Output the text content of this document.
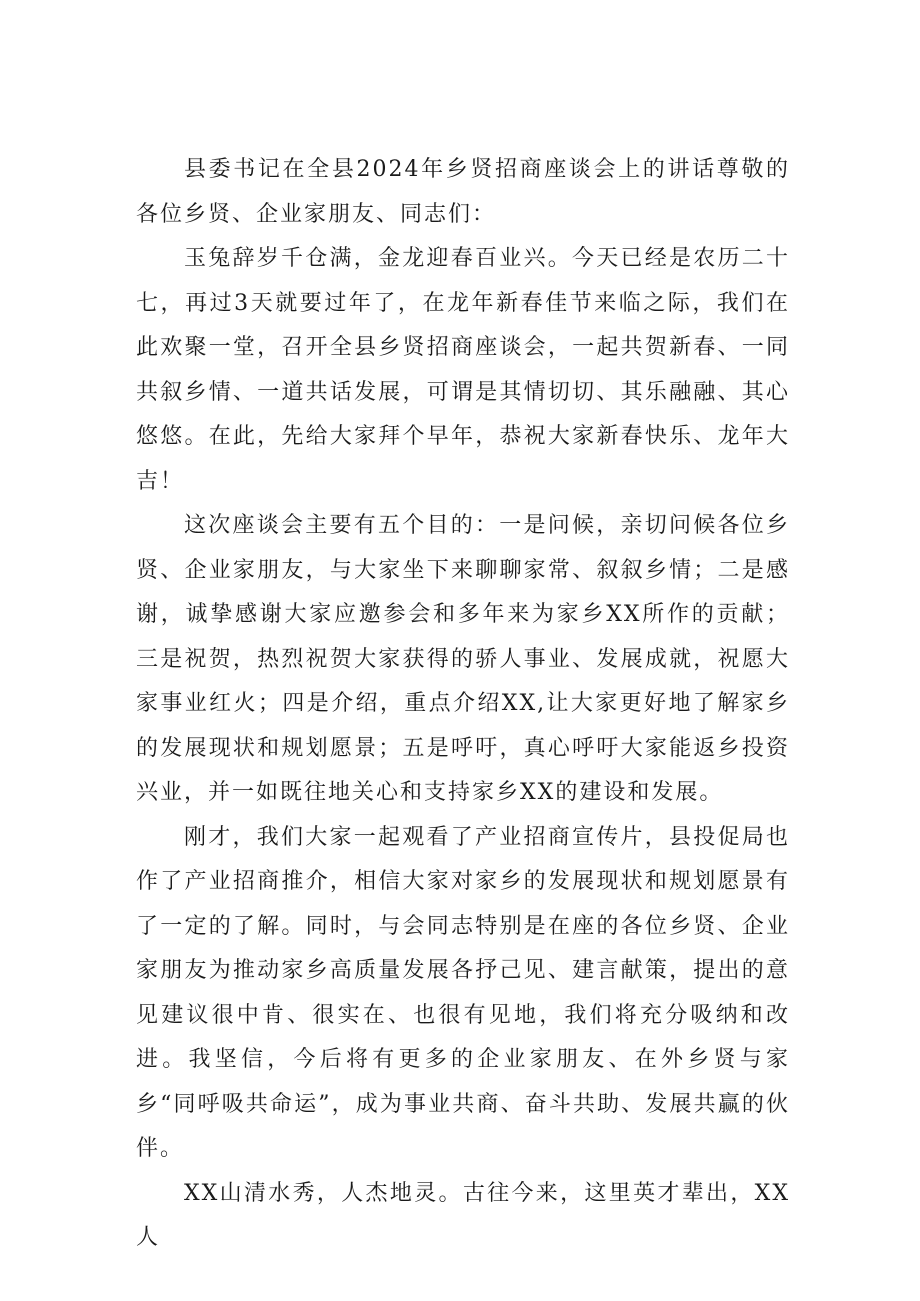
县委书记在全县2024年乡贤招商座谈会上的讲话尊敬的各位乡贤、企业家朋友、同志们：

玉兔辞岁千仓满，金龙迎春百业兴。今天已经是农历二十七，再过3天就要过年了，在龙年新春佳节来临之际，我们在此欢聚一堂，召开全县乡贤招商座谈会，一起共贺新春、一同共叙乡情、一道共话发展，可谓是其情切切、其乐融融、其心悠悠。在此，先给大家拜个早年，恭祝大家新春快乐、龙年大吉！

这次座谈会主要有五个目的：一是问候，亲切问候各位乡贤、企业家朋友，与大家坐下来聊聊家常、叙叙乡情；二是感谢，诚挚感谢大家应邀参会和多年来为家乡XX所作的贡献；三是祝贺，热烈祝贺大家获得的骄人事业、发展成就，祝愿大家事业红火；四是介绍，重点介绍XX,让大家更好地了解家乡的发展现状和规划愿景；五是呼吁，真心呼吁大家能返乡投资兴业，并一如既往地关心和支持家乡XX的建设和发展。

刚才，我们大家一起观看了产业招商宣传片，县投促局也作了产业招商推介，相信大家对家乡的发展现状和规划愿景有了一定的了解。同时，与会同志特别是在座的各位乡贤、企业家朋友为推动家乡高质量发展各抒己见、建言献策，提出的意见建议很中肯、很实在、也很有见地，我们将充分吸纳和改进。我坚信，今后将有更多的企业家朋友、在外乡贤与家乡“同呼吸共命运”，成为事业共商、奋斗共助、发展共赢的伙伴。

XX山清水秀，人杰地灵。古往今来，这里英才辈出，XX人
